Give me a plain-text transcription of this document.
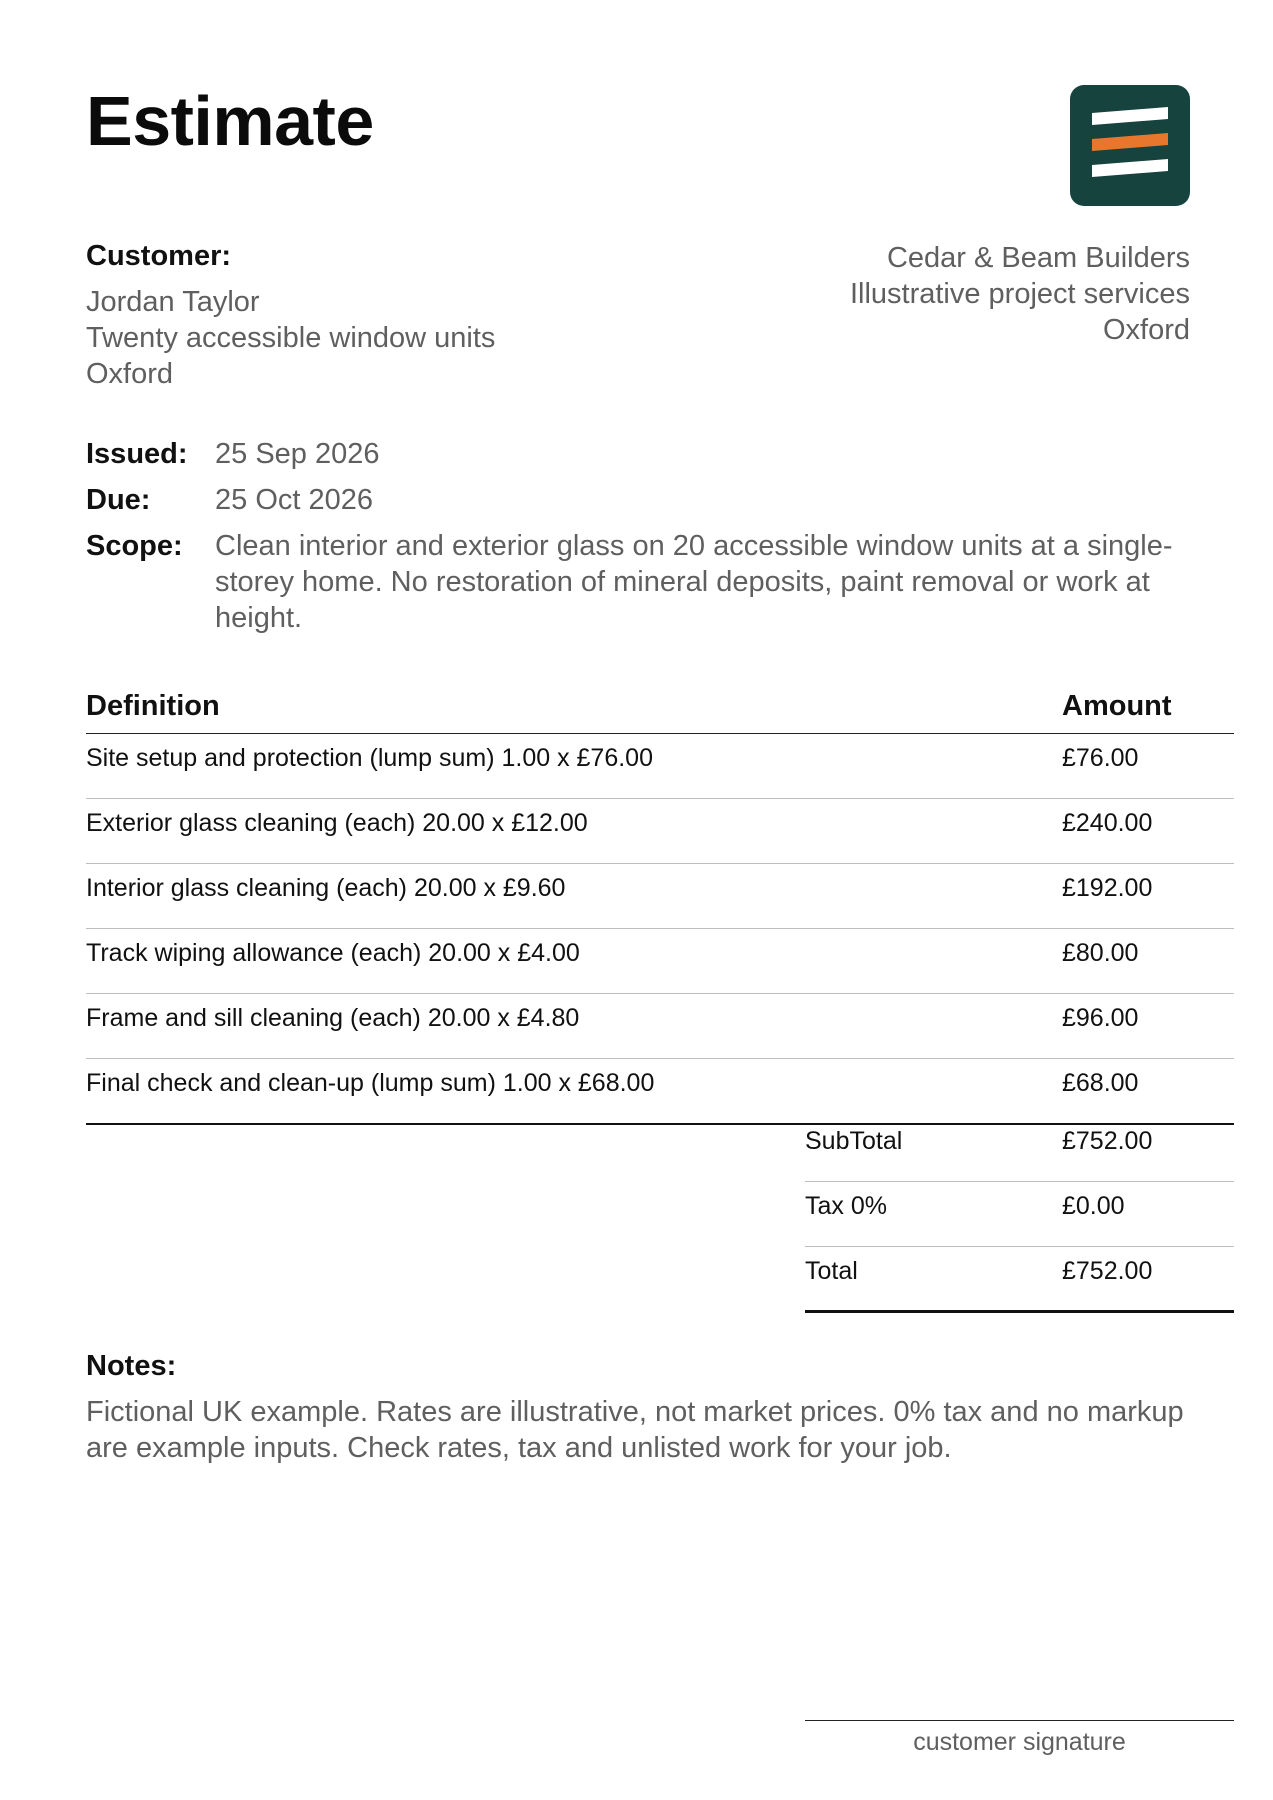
Estimate
Customer:
Jordan Taylor
Twenty accessible window units
Oxford
Cedar & Beam Builders
Illustrative project services
Oxford
Issued: 25 Sep 2026
Due: 25 Oct 2026
Scope: Clean interior and exterior glass on 20 accessible window units at a single-storey home. No restoration of mineral deposits, paint removal or work at height.
Definition	Amount
Site setup and protection (lump sum) 1.00 x £76.00	£76.00
Exterior glass cleaning (each) 20.00 x £12.00	£240.00
Interior glass cleaning (each) 20.00 x £9.60	£192.00
Track wiping allowance (each) 20.00 x £4.00	£80.00
Frame and sill cleaning (each) 20.00 x £4.80	£96.00
Final check and clean-up (lump sum) 1.00 x £68.00	£68.00
SubTotal	£752.00
Tax 0%	£0.00
Total	£752.00
Notes:
Fictional UK example. Rates are illustrative, not market prices. 0% tax and no markup are example inputs. Check rates, tax and unlisted work for your job.
customer signature
